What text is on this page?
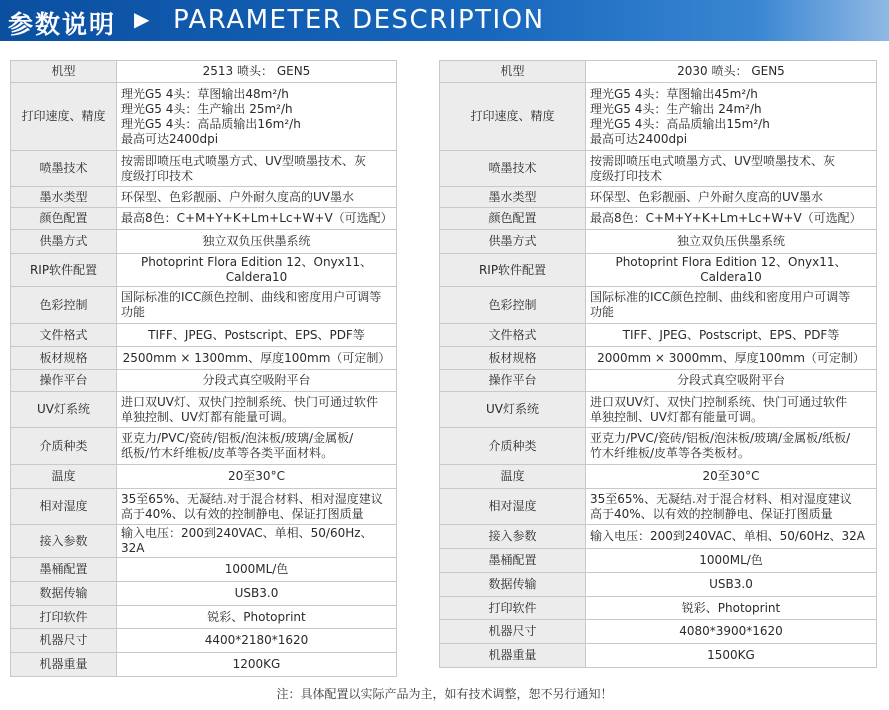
参数说明 ▶ PARAMETER DESCRIPTION
机型	2513 喷头： GEN5

打印速度、精度	理光G5 4头：草图输出48m²/h
理光G5 4头：生产输出 25m²/h
理光G5 4头：高品质输出16m²/h
最高可达2400dpi

喷墨技术	按需即喷压电式喷墨方式、UV型喷墨技术、灰
度级打印技术

墨水类型	环保型、色彩靓丽、户外耐久度高的UV墨水

颜色配置	最高8色：C+M+Y+K+Lm+Lc+W+V（可选配）

供墨方式	独立双负压供墨系统

RIP软件配置	Photoprint Flora Edition 12、Onyx11、Caldera10

色彩控制	国际标准的ICC颜色控制、曲线和密度用户可调等
功能

文件格式	TIFF、JPEG、Postscript、EPS、PDF等

板材规格	2500mm × 1300mm、厚度100mm（可定制）

操作平台	分段式真空吸附平台

UV灯系统	进口双UV灯、双快门控制系统、快门可通过软件
单独控制、UV灯都有能量可调。

介质种类	亚克力/PVC/瓷砖/铝板/泡沫板/玻璃/金属板/
纸板/竹木纤维板/皮革等各类平面材料。

温度	20至30°C

相对湿度	35至65%、无凝结.对于混合材料、相对湿度建议
高于40%、以有效的控制静电、保证打图质量

接入参数	输入电压：200到240VAC、单相、50/60Hz、32A

墨桶配置	1000ML/色

数据传输	USB3.0

打印软件	锐彩、Photoprint

机器尺寸	4400*2180*1620

机器重量	1200KG
机型	2030 喷头： GEN5

打印速度、精度	理光G5 4头：草图输出45m²/h
理光G5 4头：生产输出 24m²/h
理光G5 4头：高品质输出15m²/h
最高可达2400dpi

喷墨技术	按需即喷压电式喷墨方式、UV型喷墨技术、灰
度级打印技术

墨水类型	环保型、色彩靓丽、户外耐久度高的UV墨水

颜色配置	最高8色：C+M+Y+K+Lm+Lc+W+V（可选配）

供墨方式	独立双负压供墨系统

RIP软件配置	Photoprint Flora Edition 12、Onyx11、Caldera10

色彩控制	国际标准的ICC颜色控制、曲线和密度用户可调等
功能

文件格式	TIFF、JPEG、Postscript、EPS、PDF等

板材规格	2000mm × 3000mm、厚度100mm（可定制）

操作平台	分段式真空吸附平台

UV灯系统	进口双UV灯、双快门控制系统、快门可通过软件
单独控制、UV灯都有能量可调。

介质种类	亚克力/PVC/瓷砖/铝板/泡沫板/玻璃/金属板/纸板/
竹木纤维板/皮革等各类板材。

温度	20至30°C

相对湿度	35至65%、无凝结.对于混合材料、相对湿度建议
高于40%、以有效的控制静电、保证打图质量

接入参数	输入电压：200到240VAC、单相、50/60Hz、32A

墨桶配置	1000ML/色

数据传输	USB3.0

打印软件	锐彩、Photoprint

机器尺寸	4080*3900*1620

机器重量	1500KG
注：具体配置以实际产品为主，如有技术调整，恕不另行通知！
